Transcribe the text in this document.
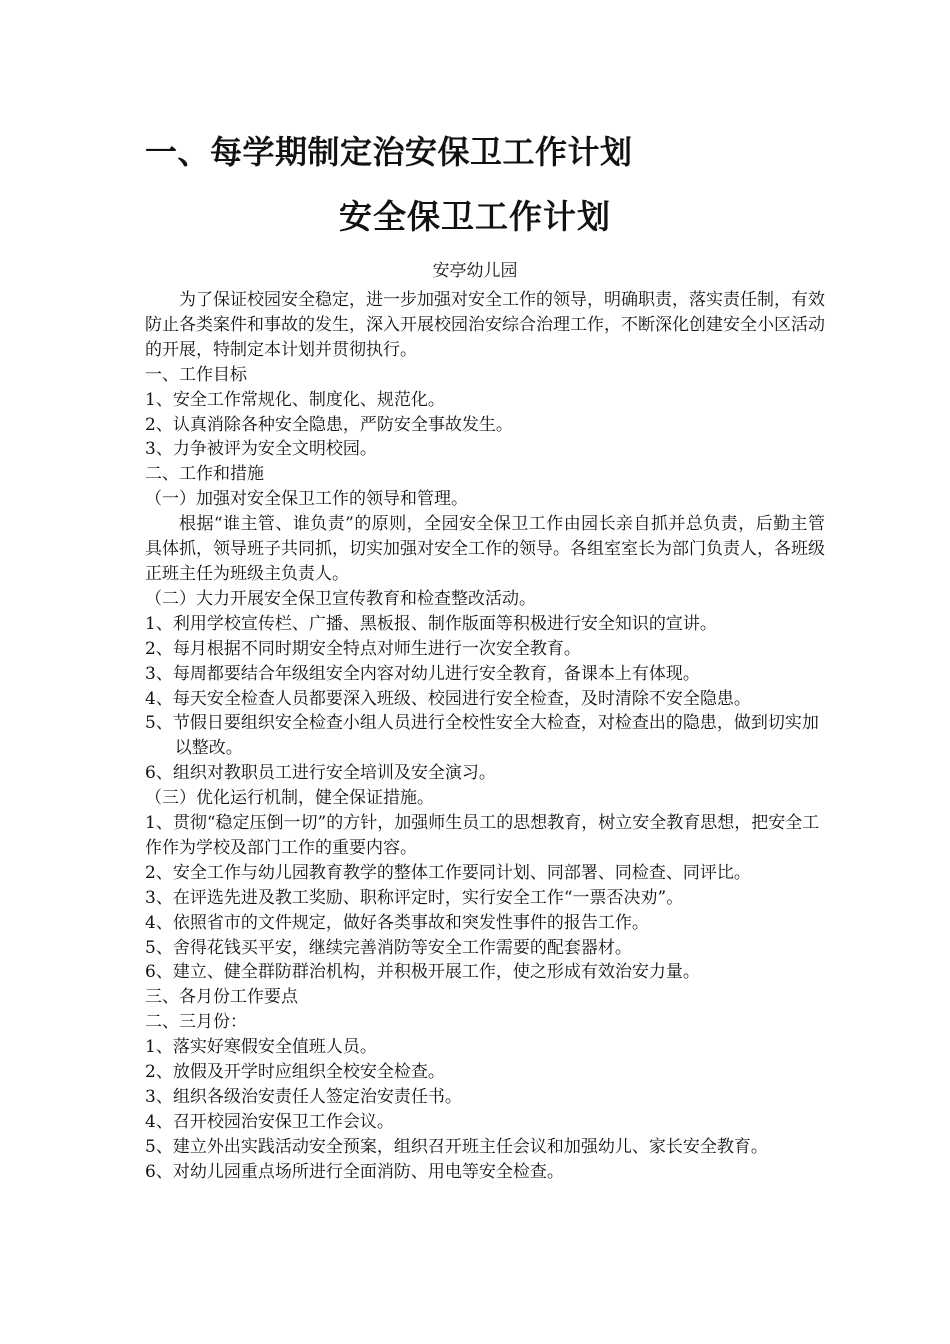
一、每学期制定治安保卫工作计划
安全保卫工作计划
安亭幼儿园

为了保证校园安全稳定，进一步加强对安全工作的领导，明确职责，落实责任制，有效防止各类案件和事故的发生，深入开展校园治安综合治理工作，不断深化创建安全小区活动的开展，特制定本计划并贯彻执行。

一、工作目标

1、安全工作常规化、制度化、规范化。

2、认真消除各种安全隐患，严防安全事故发生。

3、力争被评为安全文明校园。

二、工作和措施

（一）加强对安全保卫工作的领导和管理。

根据“谁主管、谁负责”的原则，全园安全保卫工作由园长亲自抓并总负责，后勤主管具体抓，领导班子共同抓，切实加强对安全工作的领导。各组室室长为部门负责人，各班级正班主任为班级主负责人。

（二）大力开展安全保卫宣传教育和检查整改活动。

1、利用学校宣传栏、广播、黑板报、制作版面等积极进行安全知识的宣讲。

2、每月根据不同时期安全特点对师生进行一次安全教育。

3、每周都要结合年级组安全内容对幼儿进行安全教育，备课本上有体现。

4、每天安全检查人员都要深入班级、校园进行安全检查，及时清除不安全隐患。

5、节假日要组织安全检查小组人员进行全校性安全大检查，对检查出的隐患，做到切实加以整改。

6、组织对教职员工进行安全培训及安全演习。

（三）优化运行机制，健全保证措施。

1、贯彻“稳定压倒一切”的方针，加强师生员工的思想教育，树立安全教育思想，把安全工作作为学校及部门工作的重要内容。

2、安全工作与幼儿园教育教学的整体工作要同计划、同部署、同检查、同评比。

3、在评选先进及教工奖励、职称评定时，实行安全工作“一票否决劝”。

4、依照省市的文件规定，做好各类事故和突发性事件的报告工作。

5、舍得花钱买平安，继续完善消防等安全工作需要的配套器材。

6、建立、健全群防群治机构，并积极开展工作，使之形成有效治安力量。

三、各月份工作要点

二、三月份：

1、落实好寒假安全值班人员。

2、放假及开学时应组织全校安全检查。

3、组织各级治安责任人签定治安责任书。

4、召开校园治安保卫工作会议。

5、建立外出实践活动安全预案，组织召开班主任会议和加强幼儿、家长安全教育。

6、对幼儿园重点场所进行全面消防、用电等安全检查。
